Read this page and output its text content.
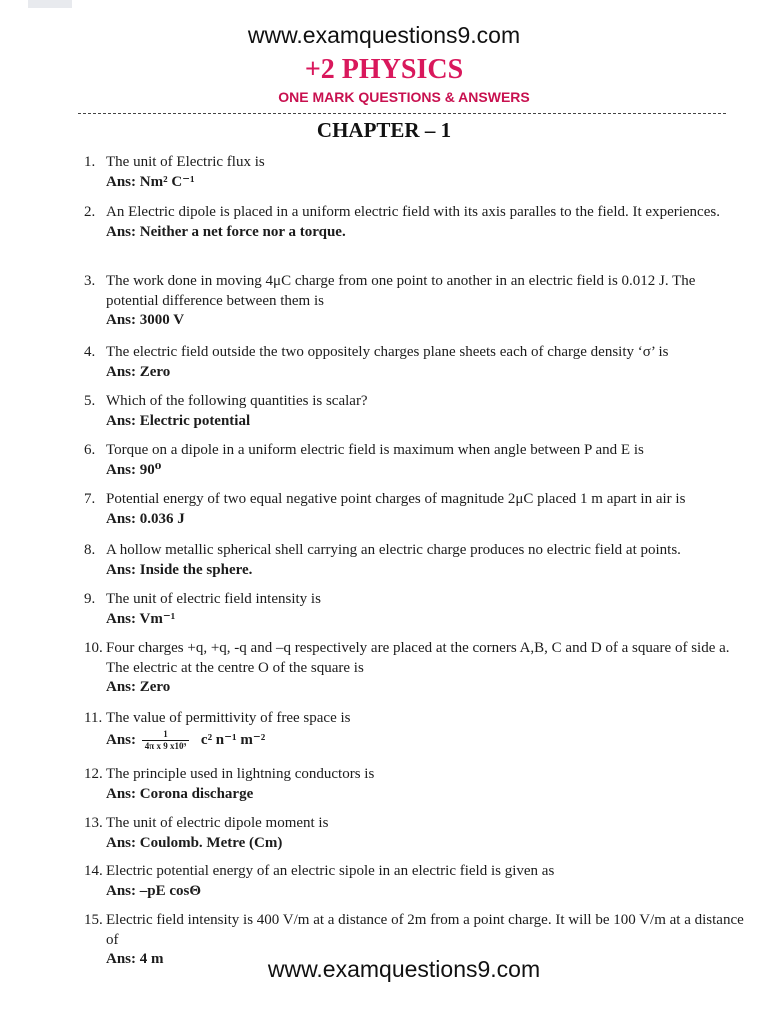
www.examquestions9.com
+2 PHYSICS
ONE MARK QUESTIONS & ANSWERS
CHAPTER – 1
1. The unit of Electric flux is
Ans: Nm² C⁻¹
2. An Electric dipole is placed in a uniform electric field with its axis paralles to the field. It experiences.
Ans: Neither a net force nor a torque.
3. The work done in moving 4μC charge from one point to another in an electric field is 0.012 J. The potential difference between them is
Ans: 3000 V
4. The electric field outside the two oppositely charges plane sheets each of charge density ‘σ’ is
Ans: Zero
5. Which of the following quantities is scalar?
Ans: Electric potential
6. Torque on a dipole in a uniform electric field is maximum when angle between P and E is
Ans: 90⁰
7. Potential energy of two equal negative point charges of magnitude 2μC placed 1 m apart in air is
Ans: 0.036 J
8. A hollow metallic spherical shell carrying an electric charge produces no electric field at points.
Ans: Inside the sphere.
9. The unit of electric field intensity is
Ans: Vm⁻¹
10. Four charges +q, +q, -q and –q respectively are placed at the corners A,B, C and D of a square of side a. The electric at the centre O of the square is
Ans: Zero
11. The value of permittivity of free space is
Ans: $\frac{1}{\text{4π x 9 x10⁹}} c^2$ n⁻¹ m⁻²
12. The principle used in lightning conductors is
Ans: Corona discharge
13. The unit of electric dipole moment is
Ans: Coulomb. Metre (Cm)
14. Electric potential energy of an electric sipole in an electric field is given as
Ans: –pE cosΘ
15. Electric field intensity is 400 V/m at a distance of 2m from a point charge. It will be 100 V/m at a distance of
Ans: 4 m	www.examquestions9.com
